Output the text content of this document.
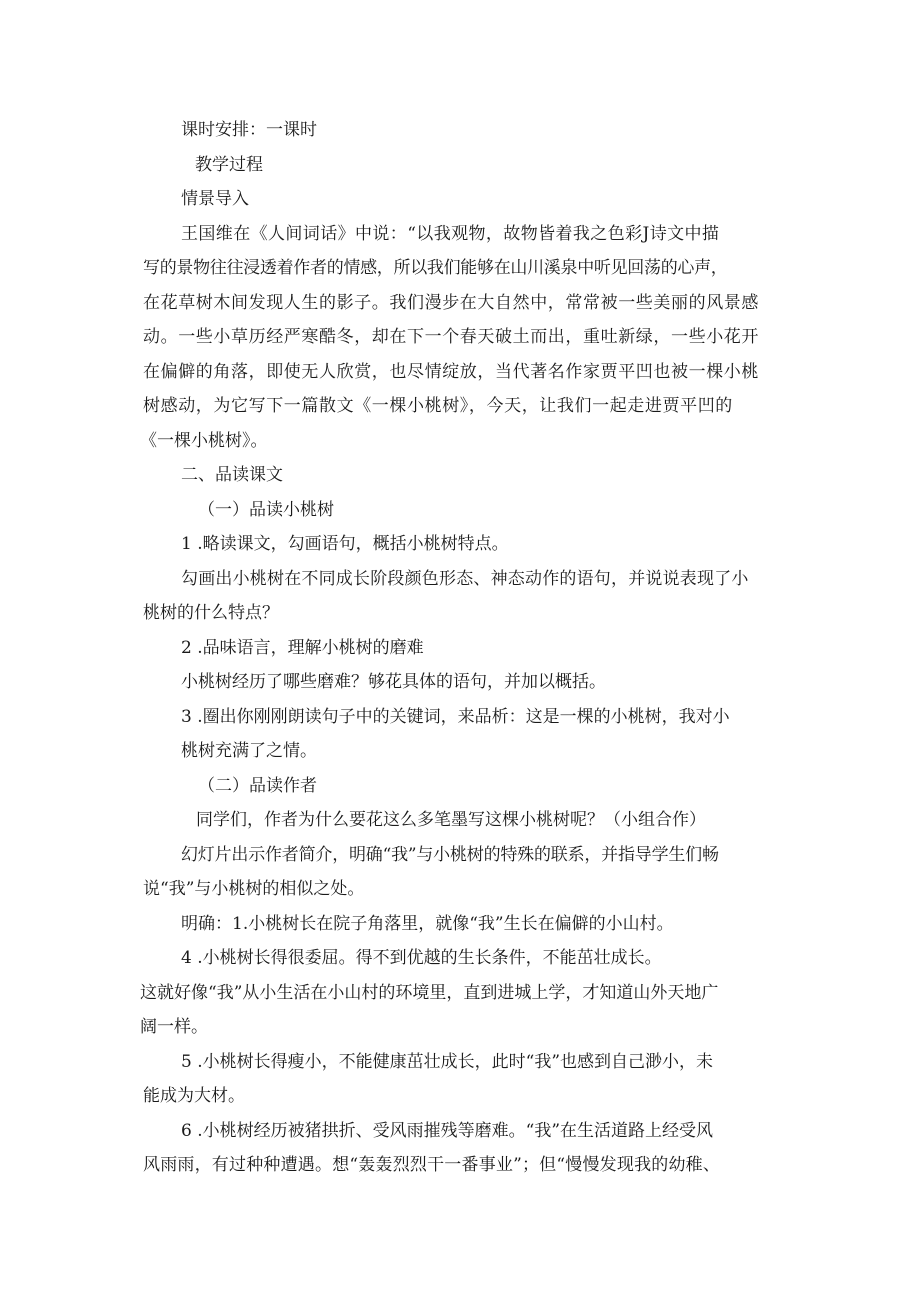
课时安排：一课时
教学过程
情景导入
王国维在《人间词话》中说：“以我观物，故物皆着我之色彩J诗文中描
写的景物往往浸透着作者的情感，所以我们能够在山川溪泉中听见回荡的心声，
在花草树木间发现人生的影子。我们漫步在大自然中，常常被一些美丽的风景感
动。一些小草历经严寒酷冬，却在下一个春天破土而出，重吐新绿，一些小花开
在偏僻的角落，即使无人欣赏，也尽情绽放，当代著名作家贾平凹也被一棵小桃
树感动，为它写下一篇散文《一棵小桃树》，今天，让我们一起走进贾平凹的
《一棵小桃树》。
二、品读课文
（一）品读小桃树
1 .略读课文，勾画语句，概括小桃树特点。
勾画出小桃树在不同成长阶段颜色形态、神态动作的语句，并说说表现了小
桃树的什么特点？
2 .品味语言，理解小桃树的磨难
小桃树经历了哪些磨难？够花具体的语句，并加以概括。
3 .圈出你刚刚朗读句子中的关键词，来品析：这是一棵的小桃树，我对小
桃树充满了之情。
（二）品读作者
同学们，作者为什么要花这么多笔墨写这棵小桃树呢？（小组合作）
幻灯片出示作者简介，明确“我”与小桃树的特殊的联系，并指导学生们畅
说“我”与小桃树的相似之处。
明确：1.小桃树长在院子角落里，就像“我”生长在偏僻的小山村。
4 .小桃树长得很委屈。得不到优越的生长条件，不能茁壮成长。
这就好像“我”从小生活在小山村的环境里，直到进城上学，才知道山外天地广
阔一样。
5 .小桃树长得瘦小，不能健康茁壮成长，此时“我”也感到自己渺小，未
能成为大材。
6 .小桃树经历被猪拱折、受风雨摧残等磨难。“我”在生活道路上经受风
风雨雨，有过种种遭遇。想“轰轰烈烈干一番事业”；但“慢慢发现我的幼稚、
